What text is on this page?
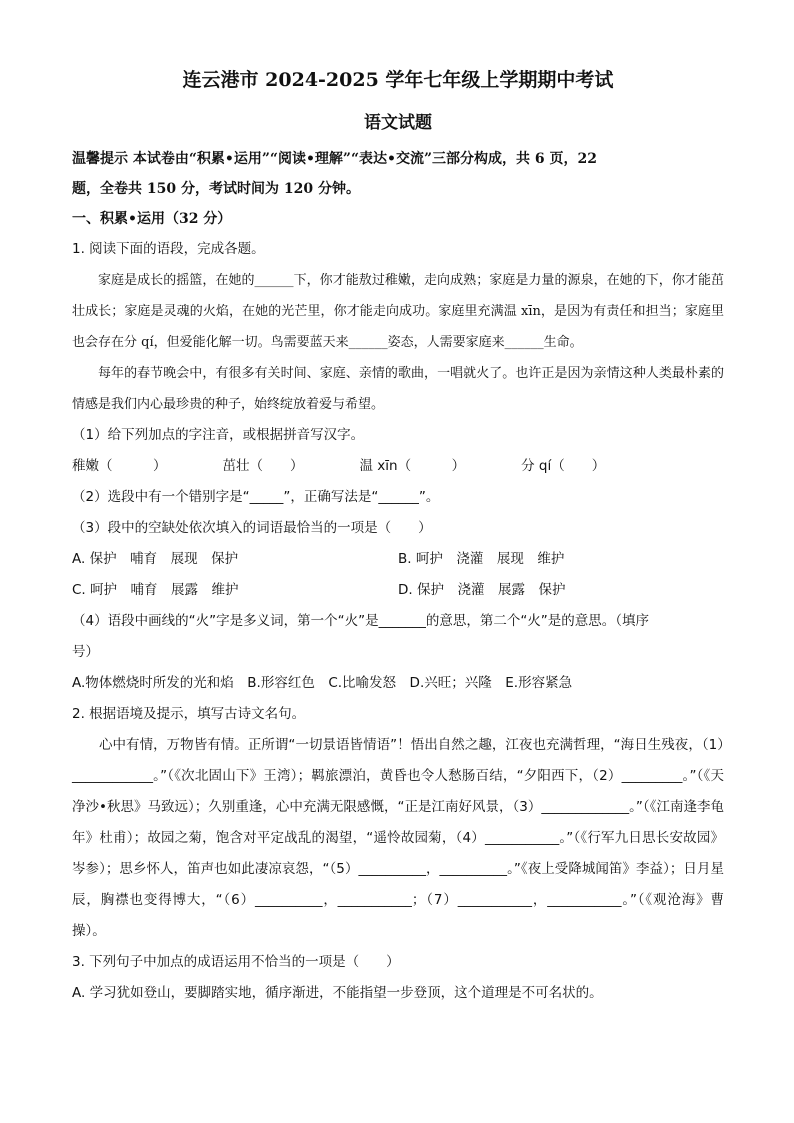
连云港市 2024-2025 学年七年级上学期期中考试

语文试题

温馨提示 本试卷由“积累•运用”“阅读•理解”“表达•交流”三部分构成，共 6 页，22

题，全卷共 150 分，考试时间为 120 分钟。

一、积累•运用（32 分）

1. 阅读下面的语段，完成各题。

家庭是成长的摇篮，在她的______下，你才能敖过稚嫩，走向成熟；家庭是力量的源泉，在她的下，你才能茁壮成长；家庭是灵魂的火焰，在她的光芒里，你才能走向成功。家庭里充满温 xīn，是因为有责任和担当；家庭里也会存在分 qí，但爱能化解一切。鸟需要蓝天来______姿态，人需要家庭来______生命。

每年的春节晚会中，有很多有关时间、家庭、亲情的歌曲，一唱就火了。也许正是因为亲情这种人类最朴素的情感是我们内心最珍贵的种子，始终绽放着爱与希望。

（1）给下列加点的字注音，或根据拼音写汉字。

稚嫩（　　　）	茁壮（　　）	温 xīn（　　　）	分 qí（　　）

（2）选段中有一个错别字是“_____”，正确写法是“______”。

（3）段中的空缺处依次填入的词语最恰当的一项是（　　）

A. 保护　哺育　展现　保护	B. 呵护　浇灌　展现　维护
C. 呵护　哺育　展露　维护	D. 保护　浇灌　展露　保护

（4）语段中画线的“火”字是多义词，第一个“火”是_______的意思，第二个“火”是的意思。（填序

号）

A.物体燃烧时所发的光和焰　B.形容红色　C.比喻发怒　D.兴旺；兴隆　E.形容紧急

2. 根据语境及提示，填写古诗文名句。

心中有情，万物皆有情。正所谓“一切景语皆情语”！悟出自然之趣，江夜也充满哲理，“海日生残夜，（1）____________。”（《次北固山下》王湾）；羁旅漂泊，黄昏也令人愁肠百结，“夕阳西下，（2）_________。”（《天净沙•秋思》马致远）；久别重逢，心中充满无限感慨，“正是江南好风景，（3）_____________。”（《江南逢李龟年》杜甫）；故园之菊，饱含对平定战乱的渴望，“遥怜故园菊，（4）___________。”（《行军九日思长安故园》岑参）；思乡怀人，笛声也如此凄凉哀怨，“（5）__________，__________。”《夜上受降城闻笛》李益）；日月星辰，胸襟也变得博大，“（6）__________，___________；（7）___________，___________。”（《观沧海》曹操）。

3. 下列句子中加点的成语运用不恰当的一项是（　　）

A. 学习犹如登山，要脚踏实地，循序渐进，不能指望一步登顶，这个道理是不可名状的。
